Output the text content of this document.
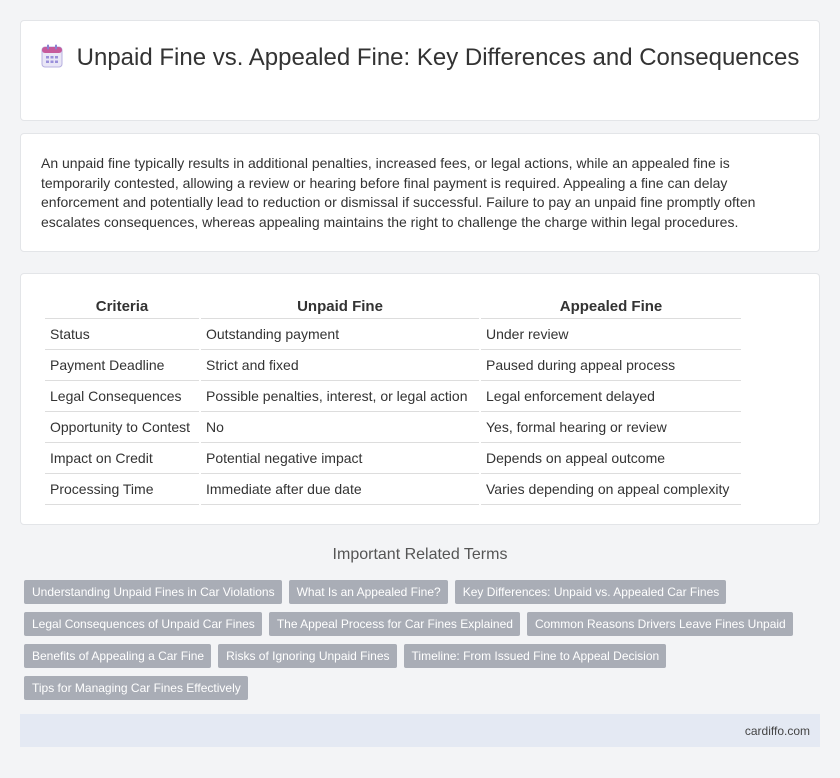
Unpaid Fine vs. Appealed Fine: Key Differences and Consequences

An unpaid fine typically results in additional penalties, increased fees, or legal actions, while an appealed fine is temporarily contested, allowing a review or hearing before final payment is required. Appealing a fine can delay enforcement and potentially lead to reduction or dismissal if successful. Failure to pay an unpaid fine promptly often escalates consequences, whereas appealing maintains the right to challenge the charge within legal procedures.

Criteria	Unpaid Fine	Appealed Fine
Status	Outstanding payment	Under review
Payment Deadline	Strict and fixed	Paused during appeal process
Legal Consequences	Possible penalties, interest, or legal action	Legal enforcement delayed
Opportunity to Contest	No	Yes, formal hearing or review
Impact on Credit	Potential negative impact	Depends on appeal outcome
Processing Time	Immediate after due date	Varies depending on appeal complexity
Important Related Terms
Understanding Unpaid Fines in Car Violations What Is an Appealed Fine? Key Differences: Unpaid vs. Appealed Car Fines
Legal Consequences of Unpaid Car Fines The Appeal Process for Car Fines Explained Common Reasons Drivers Leave Fines Unpaid
Benefits of Appealing a Car Fine Risks of Ignoring Unpaid Fines Timeline: From Issued Fine to Appeal Decision
Tips for Managing Car Fines Effectively
cardiffo.com
